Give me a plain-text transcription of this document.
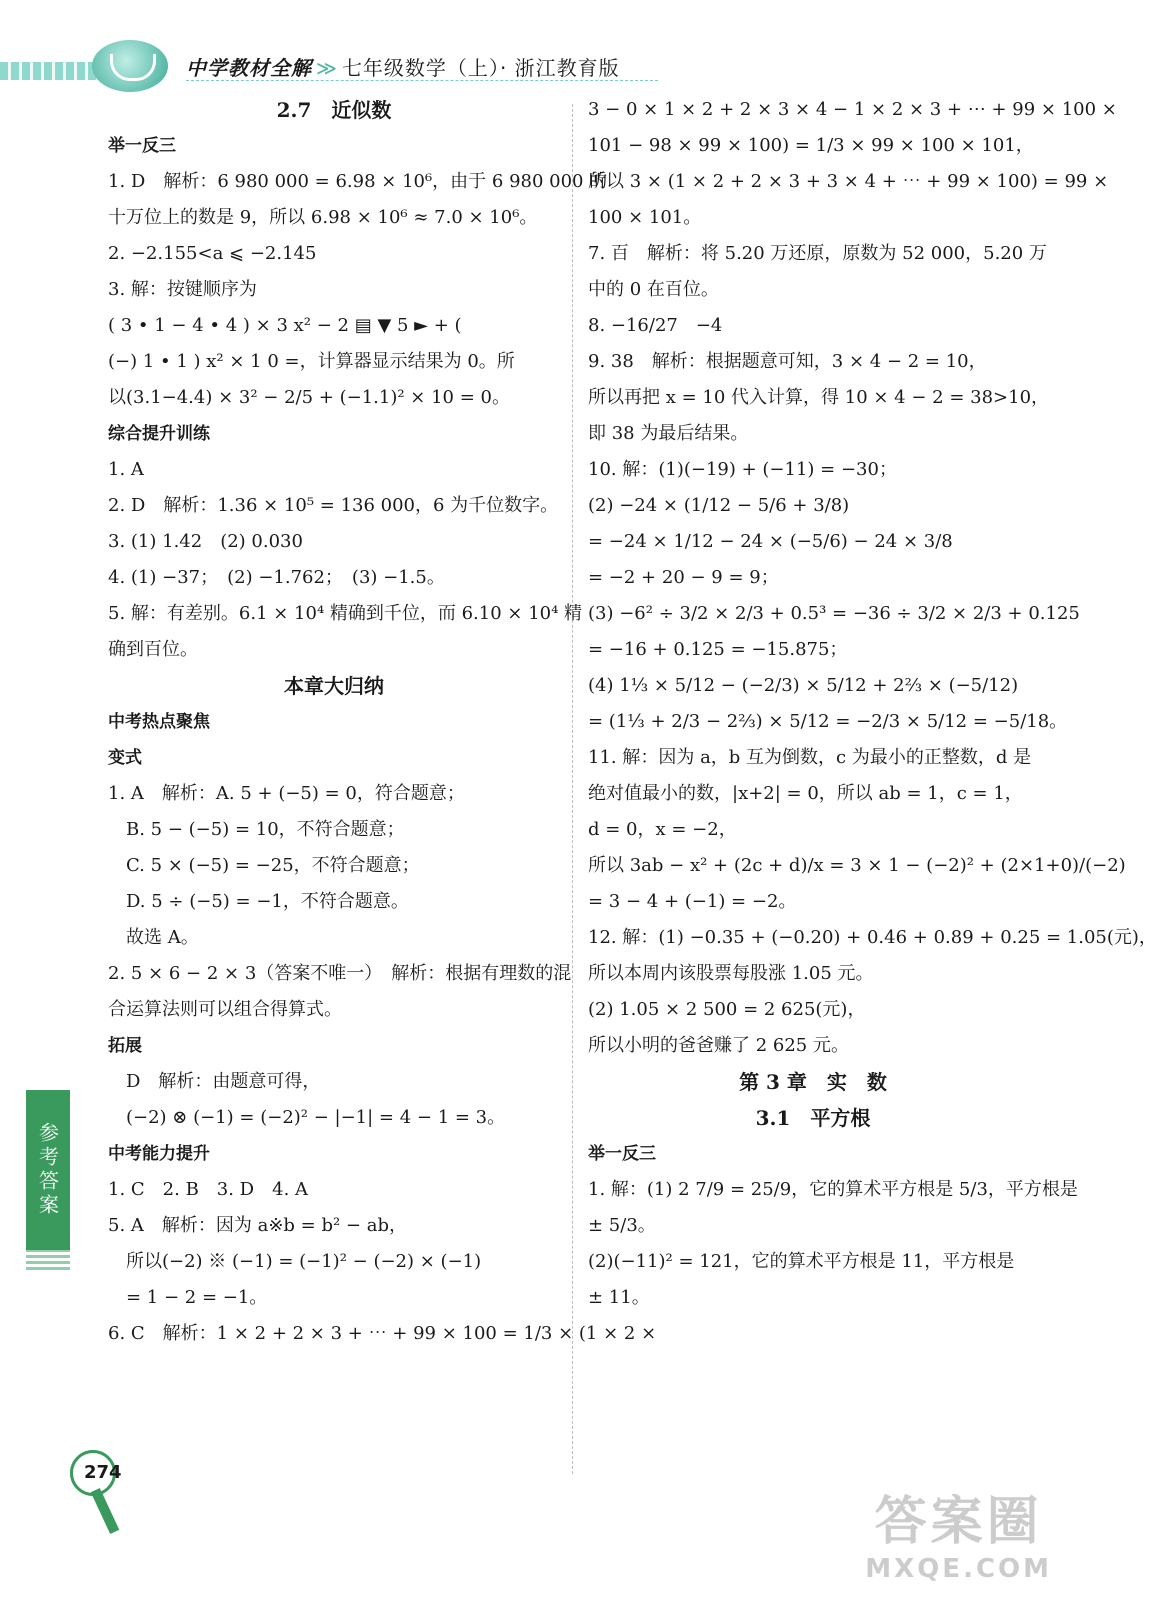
中学教材全解 ≫ 七年级数学（上）· 浙江教育版

2.7　近似数

举一反三

1. D　解析：6 980 000 = 6.98 × 10⁶，由于 6 980 000 的

十万位上的数是 9，所以 6.98 × 10⁶ ≈ 7.0 × 10⁶。

2. −2.155<a ⩽ −2.145

3. 解：按键顺序为

( 3 • 1 − 4 • 4 ) × 3 x² − 2 ▤ ▼ 5 ► + (

(−) 1 • 1 ) x² × 1 0 =，计算器显示结果为 0。所

以(3.1−4.4) × 3² − 2/5 + (−1.1)² × 10 = 0。

综合提升训练

1. A

2. D　解析：1.36 × 10⁵ = 136 000，6 为千位数字。

3. (1) 1.42　(2) 0.030

4. (1) −37；　(2) −1.762；　(3) −1.5。

5. 解：有差别。6.1 × 10⁴ 精确到千位，而 6.10 × 10⁴ 精

确到百位。

本章大归纳

中考热点聚焦

变式

1. A　解析：A. 5 + (−5) = 0，符合题意；

　B. 5 − (−5) = 10，不符合题意；

　C. 5 × (−5) = −25，不符合题意；

　D. 5 ÷ (−5) = −1，不符合题意。

　故选 A。

2. 5 × 6 − 2 × 3（答案不唯一）　解析：根据有理数的混

合运算法则可以组合得算式。

拓展

　D　解析：由题意可得，

　(−2) ⊗ (−1) = (−2)² − |−1| = 4 − 1 = 3。

中考能力提升

1. C　2. B　3. D　4. A

5. A　解析：因为 a※b = b² − ab，

　所以(−2) ※ (−1) = (−1)² − (−2) × (−1)

　= 1 − 2 = −1。

6. C　解析：1 × 2 + 2 × 3 + ⋯ + 99 × 100 = 1/3 × (1 × 2 ×

3 − 0 × 1 × 2 + 2 × 3 × 4 − 1 × 2 × 3 + ⋯ + 99 × 100 ×

101 − 98 × 99 × 100) = 1/3 × 99 × 100 × 101，

所以 3 × (1 × 2 + 2 × 3 + 3 × 4 + ⋯ + 99 × 100) = 99 ×

100 × 101。

7. 百　解析：将 5.20 万还原，原数为 52 000，5.20 万

中的 0 在百位。

8. −16/27　−4

9. 38　解析：根据题意可知，3 × 4 − 2 = 10，

所以再把 x = 10 代入计算，得 10 × 4 − 2 = 38>10，

即 38 为最后结果。

10. 解：(1)(−19) + (−11) = −30；

(2) −24 × (1/12 − 5/6 + 3/8)

= −24 × 1/12 − 24 × (−5/6) − 24 × 3/8

= −2 + 20 − 9 = 9；

(3) −6² ÷ 3/2 × 2/3 + 0.5³ = −36 ÷ 3/2 × 2/3 + 0.125

= −16 + 0.125 = −15.875；

(4) 1⅓ × 5/12 − (−2/3) × 5/12 + 2⅔ × (−5/12)

= (1⅓ + 2/3 − 2⅔) × 5/12 = −2/3 × 5/12 = −5/18。

11. 解：因为 a，b 互为倒数，c 为最小的正整数，d 是

绝对值最小的数，|x+2| = 0，所以 ab = 1，c = 1，

d = 0，x = −2，

所以 3ab − x² + (2c + d)/x = 3 × 1 − (−2)² + (2×1+0)/(−2)

= 3 − 4 + (−1) = −2。

12. 解：(1) −0.35 + (−0.20) + 0.46 + 0.89 + 0.25 = 1.05(元)，

所以本周内该股票每股涨 1.05 元。

(2) 1.05 × 2 500 = 2 625(元)，

所以小明的爸爸赚了 2 625 元。

第 3 章　实　数

3.1　平方根

举一反三

1. 解：(1) 2 7/9 = 25/9，它的算术平方根是 5/3，平方根是

± 5/3。

(2)(−11)² = 121，它的算术平方根是 11，平方根是

± 11。

参考答案
274
答案圈
MXQE.COM
